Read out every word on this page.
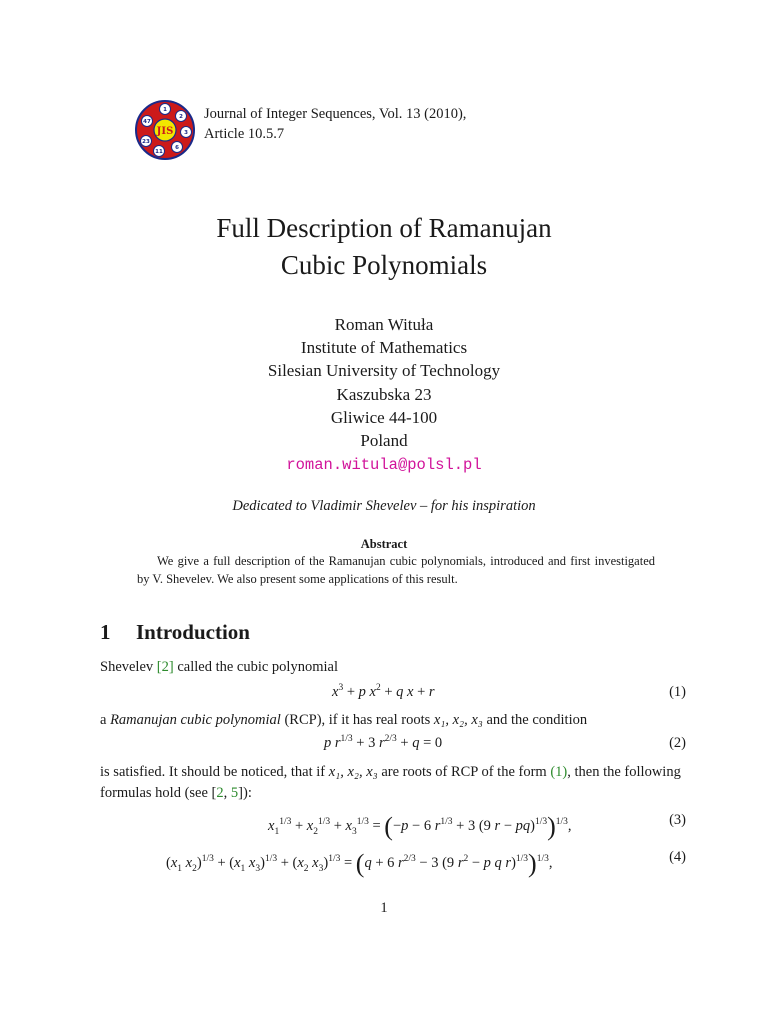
1
2
3
6
11
23
47
JIS
Journal of Integer Sequences, Vol. 13 (2010),
Article 10.5.7
Full Description of Ramanujan
Cubic Polynomials
Roman Wituła
Institute of Mathematics
Silesian University of Technology
Kaszubska 23
Gliwice 44-100
Poland
roman.witula@polsl.pl
Dedicated to Vladimir Shevelev – for his inspiration
Abstract
We give a full description of the Ramanujan cubic polynomials, introduced and first investigated by V. Shevelev. We also present some applications of this result.
1 Introduction
Shevelev [2] called the cubic polynomial
$x^3 + p$ $x^2 + q$ x + r	(1)
a Ramanujan cubic polynomial (RCP), if it has real roots x₁, x₂, x₃ and the condition
p $r^{1/3} + 3$ $r^{2/3} + q = 0$	(2)
is satisfied. It should be noticed, that if x₁, x₂, x₃ are roots of RCP of the form (1), then the following formulas hold (see [2, 5]):
$x_1^{1/3} + x_2^{1/3} + x_3^{1/3} = (-p - 6$ $r^{1/3} + 3$ (9 r − pq)$^{1/3}$)$^{1/3}$,	(3)
($x_1$ $x_2)^{1/3} + (x_1$ $x_3)^{1/3} + (x_2$ $x_3)^{1/3} = (q + 6$ $r^{2/3} - 3$ (9 $r^2 - p$ q r)$^{1/3}$)$^{1/3}$,	(4)
1
